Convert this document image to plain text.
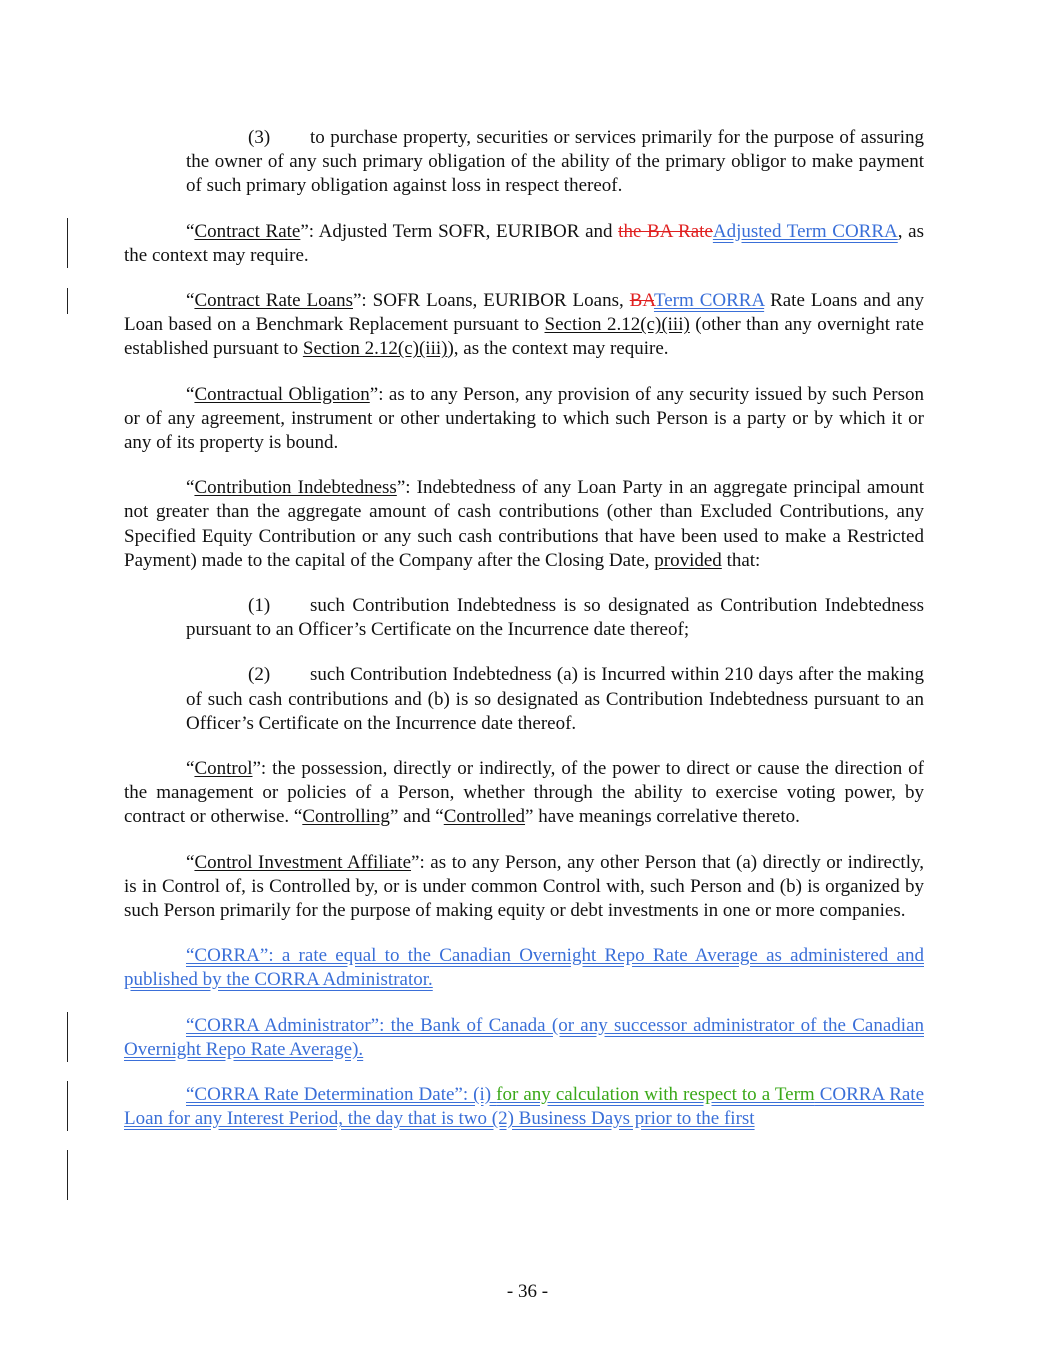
(3) to purchase property, securities or services primarily for the purpose of assuring the owner of any such primary obligation of the ability of the primary obligor to make payment of such primary obligation against loss in respect thereof.

“Contract Rate”: Adjusted Term SOFR, EURIBOR and the BA RateAdjusted Term CORRA, as the context may require.

“Contract Rate Loans”: SOFR Loans, EURIBOR Loans, BATerm CORRA Rate Loans and any Loan based on a Benchmark Replacement pursuant to Section 2.12(c)(iii) (other than any overnight rate established pursuant to Section 2.12(c)(iii)), as the context may require.

“Contractual Obligation”: as to any Person, any provision of any security issued by such Person or of any agreement, instrument or other undertaking to which such Person is a party or by which it or any of its property is bound.

“Contribution Indebtedness”: Indebtedness of any Loan Party in an aggregate principal amount not greater than the aggregate amount of cash contributions (other than Excluded Contributions, any Specified Equity Contribution or any such cash contributions that have been used to make a Restricted Payment) made to the capital of the Company after the Closing Date, provided that:

(1) such Contribution Indebtedness is so designated as Contribution Indebtedness pursuant to an Officer’s Certificate on the Incurrence date thereof;

(2) such Contribution Indebtedness (a) is Incurred within 210 days after the making of such cash contributions and (b) is so designated as Contribution Indebtedness pursuant to an Officer’s Certificate on the Incurrence date thereof.

“Control”: the possession, directly or indirectly, of the power to direct or cause the direction of the management or policies of a Person, whether through the ability to exercise voting power, by contract or otherwise. “Controlling” and “Controlled” have meanings correlative thereto.

“Control Investment Affiliate”: as to any Person, any other Person that (a) directly or indirectly, is in Control of, is Controlled by, or is under common Control with, such Person and (b) is organized by such Person primarily for the purpose of making equity or debt investments in one or more companies.

“CORRA”: a rate equal to the Canadian Overnight Repo Rate Average as administered and published by the CORRA Administrator.

“CORRA Administrator”: the Bank of Canada (or any successor administrator of the Canadian Overnight Repo Rate Average).

“CORRA Rate Determination Date”: (i) for any calculation with respect to a Term CORRA Rate Loan for any Interest Period, the day that is two (2) Business Days prior to the first

- 36 -
